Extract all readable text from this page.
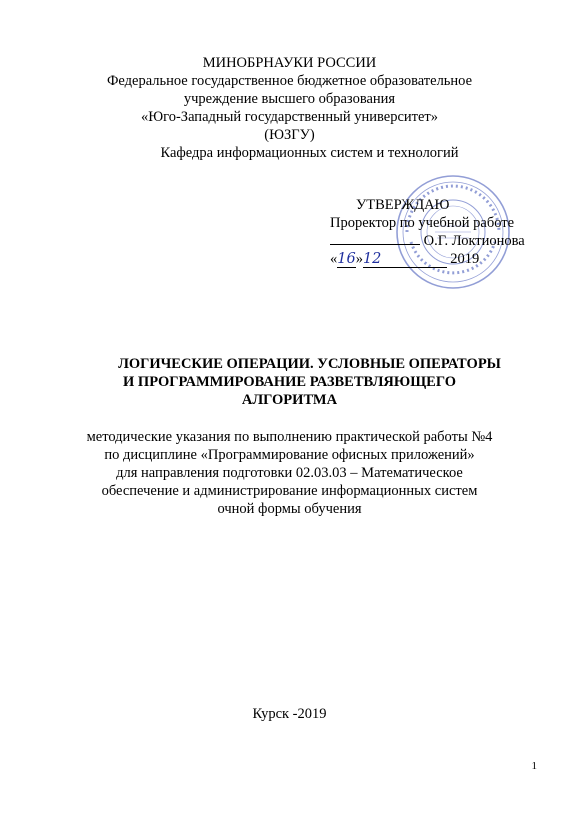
МИНОБРНАУКИ РОССИИ
Федеральное государственное бюджетное образовательное
учреждение высшего образования
«Юго-Западный государственный университет»
(ЮЗГУ)
Кафедра информационных систем и технологий
УТВЕРЖДАЮ
Проректор по учебной работе
О.Г. Локтионова
«16»12	2019
ЛОГИЧЕСКИЕ ОПЕРАЦИИ. УСЛОВНЫЕ ОПЕРАТОРЫ
И ПРОГРАММИРОВАНИЕ РАЗВЕТВЛЯЮЩЕГО
АЛГОРИТМА
методические указания по выполнению практической работы №4
по дисциплине «Программирование офисных приложений»
для направления подготовки 02.03.03 – Математическое
обеспечение и администрирование информационных систем
очной формы обучения
Курск -2019
1
